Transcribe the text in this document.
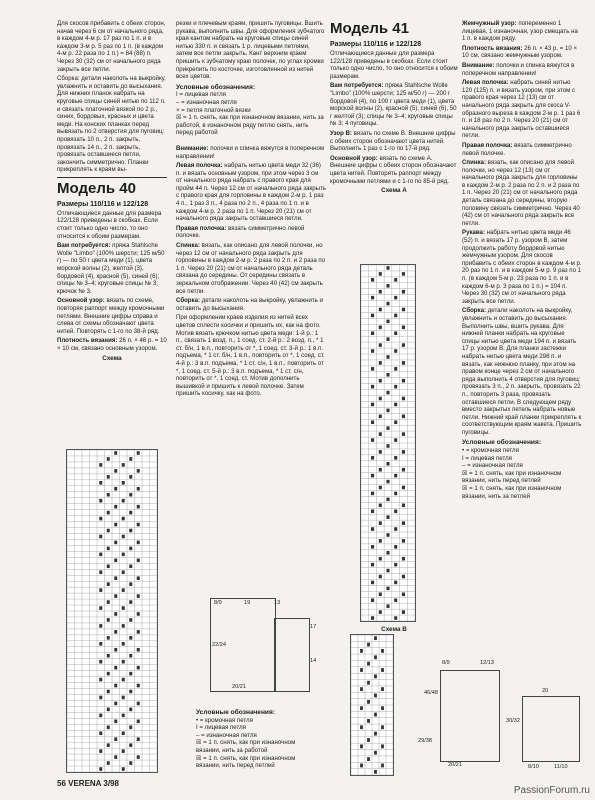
Для скосов прибавить с обеих сторон, начав через 6 см от начального ряда, в каждом 4-м р. 17 раз по 1 п. и в каждом 3-м р. 5 раз по 1 п. (в каждом 4-м р. 22 раза по 1 п.) = 84 (88) п. Через 30 (32) см от начального ряда закрыть все петли.

Сборка: детали наколоть на выкройку, увлажнить и оставить до высыхания. Для нижних планок набрать на круговые спицы синей нитью по 112 п. и связать платочной вязкой по 2 р., синих, бордовых, красных и цвета меди. На конских планках перед вывязать по 2 отверстия для пуговиц: провязать 10 п., 2 п. закрыть, провязать 14 п., 2 п. закрыть, провязать оставшиеся петли, закончить симметрично. Планки прикреплять к краям вы-

Модель 40
Размеры 110/116 и 122/128

Отличающиеся данные для размера 122/128 приведены в скобках. Если стоит только одно число, то оно относится к обоим размерам.

Вам потребуется: пряжа Stahlsche Wolle "Limbo" (100% шерсти; 125 м/50 г) — по 50 г цвета меди (1), цвета морской волны (2), желтой (3), бордовой (4), красной (5), синей (6); спицы № 3–4; круговые спицы № 3; крючок № 3.

Основной узор: вязать по схеме, повторяя раппорт между кромочными петлями. Внешние цифры справа и слева от схемы обозначают цвета нитей. Повторять с 1-го по 38-й ряд.

Плотность вязания: 26 п. × 46 р. = 10 × 10 см, связано основным узором.

Схема

резки и плечевым краям, пришить пуговицы. Вшить рукава, выполнить швы. Для оформления зубчатого края кантом набрать на круговые спицы синей нитью 330 п. и связать 1 р. лицевыми петлями, затем все петли закрыть. Кант верхним краем пришить к зубчатому краю полочек, по углах кромки прикрепить по косточке, изготовленной из нитей всех цветов.

Условные обозначения:
I = лицевая петля
– = изнаночная петля
× = петля платочной вязки
☒ = 1 п. снять, как при изнаночном вязании, нить за работой, в изнаночном ряду петлю снять, нить перед работой

Внимание: полочки и спинка вяжутся в поперечном направлении!

Левая полочка: набрать нитью цвета меди 32 (36) п. и вязать основным узором, при этом через 3 см от начального ряда набрать с правого края для пройм 44 п. Через 12 см от начального ряда закрыть с правого края для горловины в каждом 2-м р. 1 раз 4 п., 1 раз 3 п., 4 раза по 2 п., 4 раза по 1 п. и в каждом 4-м р. 2 раза по 1 п. Через 20 (21) см от начального ряда закрыть оставшиеся петли.

Правая полочка: вязать симметрично левой полочке.

Спинка: вязать, как описано для левой полочки, но через 12 см от начального ряда закрыть для горловины в каждом 2-м р. 2 раза по 2 п. и 2 раза по 1 п. Через 20 (21) см от начального ряда деталь связана до середины. От середины связать в зеркальном отображении. Через 40 (42) см закрыть все петли.

Сборка: детали наколоть на выкройку, увлажнить и оставить до высыхания.

При оформлении краев изделия из нитей всех цветов сплести косички и пришить их, как на фото. Мотив вязать крючком нитью цвета меди: 1-й р.: 1 п., связать 1 возд. п., 1 соед. ст. 2-й р.: 2 возд. п., * 1 ст. б/н, 1 в.п., повторить от *, 1 соед. ст. 3-й р.: 1 в.п. подъема, * 1 ст. б/н, 1 в.п., повторить от *, 1 соед. ст. 4-й р.: 3 в.п. подъема, * 1 ст. с/н, 1 в.п., повторить от *, 1 соед. ст. 5-й р.: 3 в.п. подъема, * 1 ст. с/н, повторить от *, 1 соед. ст. Мотив дополнить вышивкой и пришить к левой полочке. Затем пришить косичку, как на фото.

8/9	19	13
22/24
20/21
17
14
Условные обозначения:
• = кромочная петля
I = лицевая петля
– = изнаночная петля
☒ = 1 п. снять, как при изнаночном вязании, нить за работой
☒ = 1 п. снять, как при изнаночном вязании, нить перед петлей
Модель 41
Размеры 110/116 и 122/128

Отличающиеся данные для размера 122/128 приведены в скобках. Если стоит только одно число, то оно относится к обоим размерам.

Вам потребуется: пряжа Stahlsche Wolle "Limbo" (100% шерсти; 125 м/50 г) — 200 г бордовой (4), по 100 г цвета меди (1), цвета морской волны (2), красной (5), синей (6), 50 г желтой (3); спицы № 3–4; круговые спицы № 3; 4 пуговицы.

Узор B: вязать по схеме B. Внешние цифры с обеих сторон обозначают цвета нитей. Выполнить 1 раз с 1-го по 17-й ряд.

Основной узор: вязать по схеме A. Внешние цифры с обеих сторон обозначают цвета нитей. Повторять раппорт между кромочными петлями и с 1-го по 85-й ряд.

Схема A
Схема B
46/48
29/38
20/21
8/9	12/13
20
30/32
8/10	11/10

Жемчужный узор: попеременно 1 лицевая, 1 изнаночная, узор смещать на 1 п. в каждом ряду.

Плотность вязания: 26 п. × 43 р. = 10 × 10 см, связано жемчужным узором.

Внимание: полочки и спинка вяжутся в поперечном направлении!

Левая полочка: набрать синей нитью 120 (125) п. и вязать узором, при этом с правого края через 12 (13) см от начального ряда закрыть для скоса V-образного выреза в каждом 2-м р. 1 раз 6 п. и 18 раз по 2 п. Через 20 (21) см от начального ряда закрыть оставшиеся петли.

Правая полочка: вязать симметрично левой полочке.

Спинка: вязать, как описано для левой полочки, но через 12 (13) см от начального ряда закрыть для горловины в каждом 2-м р. 2 раза по 2 п. и 2 раза по 1 п. Через 20 (21) см от начального ряда деталь связана до середины, вторую половину связать симметрично. Через 40 (42) см от начального ряда закрыть все петли.

Рукава: набрать нитью цвета меди 46 (52) п. и вязать 17 р. узором B, затем продолжить работу бордовой нитью жемчужным узором. Для скосов прибавить с обеих сторон в каждом 4-м р. 20 раз по 1 п. и в каждом 5-м р. 9 раз по 1 п. (в каждом 5-м р. 23 раза по 1 п. и в каждом 6-м р. 3 раза по 1 п.) = 104 п. Через 30 (32) см от начального ряда закрыть все петли.

Сборка: детали наколоть на выкройку, увлажнить и оставить до высыхания. Выполнить швы, вшить рукава. Для нижней планки набрать на круговые спицы нитью цвета меди 194 п. и вязать 17 р. узором B. Для планки застежки набрать нитью цвета меди 298 п. и вязать, как нижнюю планку, при этом на правом конце через 2 см от начального ряда выполнить 4 отверстия для пуговиц: провязать 3 п., 2 п. закрыть, провязать 22 п., повторить 3 раза, провязать оставшиеся петли. В следующем ряду вместо закрытых петель набрать новые петли. Нижний край планки прикреплять к соответствующим краям жакета. Пришить пуговицы.

Условные обозначения:
• = кромочная петля
I = лицевая петля
– = изнаночная петля
☒ = 1 п. снять, как при изнаночном вязании, нить перед петлей
☒ = 1 п. снять, как при изнаночном вязании, нить за петлей
56 VERENA 3/98
PassionForum.ru
